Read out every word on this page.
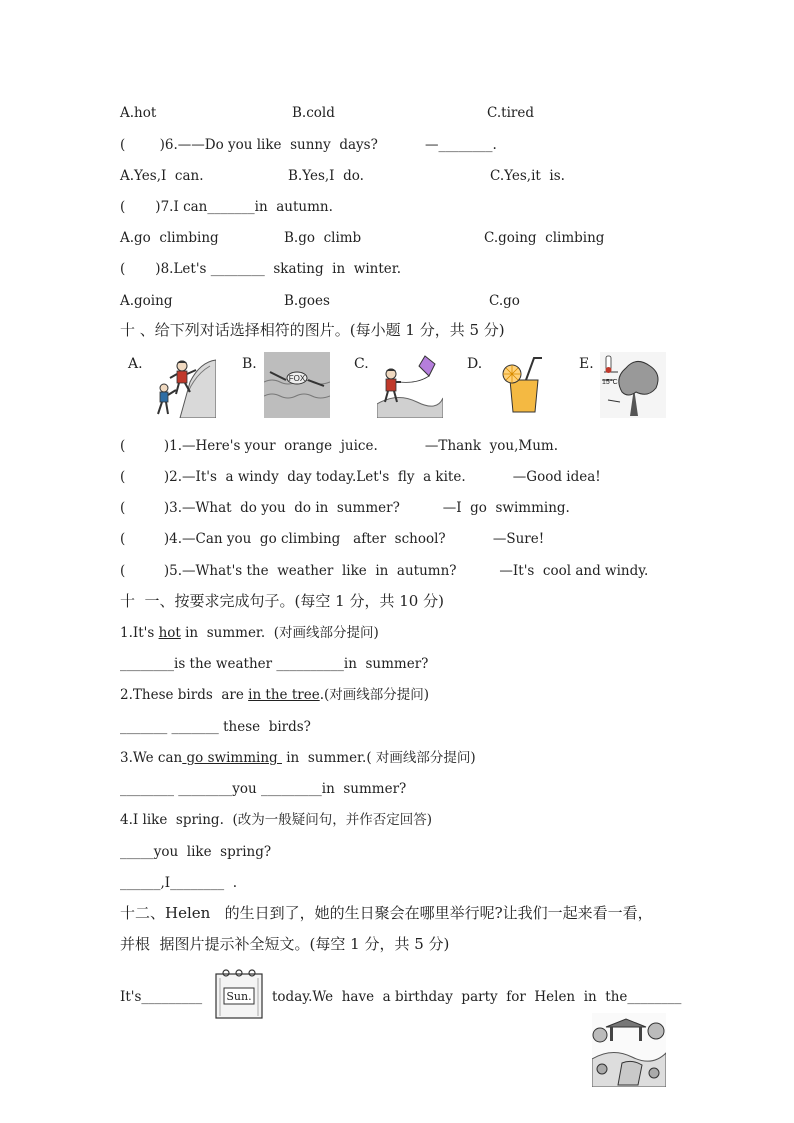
A.hot	B.cold	C.tired
(        )6.——Do you like  sunny  days?           —________.
A.Yes,I  can.	B.Yes,I  do.	C.Yes,it  is.
(       )7.I can_______in  autumn.
A.go  climbing	B.go  climb	C.going  climbing
(       )8.Let's ________  skating  in  winter.
A.going	B.goes	C.go
十 、给下列对话选择相符的图片。(每小题 1 分，共 5 分)
A.	B.	C.	D.	E.
FOX	15°C
(         )1.—Here's your  orange  juice.           —Thank  you,Mum.
(         )2.—It's  a windy  day today.Let's  fly  a kite.           —Good idea!
(         )3.—What  do you  do in  summer?          —I  go  swimming.
(         )4.—Can you  go climbing   after  school?           —Sure!
(         )5.—What's the  weather  like  in  autumn?          —It's  cool and windy.
十  一、按要求完成句子。(每空 1 分，共 10 分)
1.It's hot in  summer.  (对画线部分提问)
________is the weather __________in  summer?
2.These birds  are in the tree.(对画线部分提问)
_______ _______ these  birds?
3.We can go swimming  in  summer.( 对画线部分提问)
________ ________you _________in  summer?
4.I like  spring.  (改为一般疑问句，并作否定回答)
_____you  like  spring?
______,I________  .
十二、Helen   的生日到了，她的生日聚会在哪里举行呢?让我们一起来看一看，
并根  据图片提示补全短文。(每空 1 分，共 5 分)
It's_________ Sun. today.We  have  a birthday  party  for  Helen  in  the________
